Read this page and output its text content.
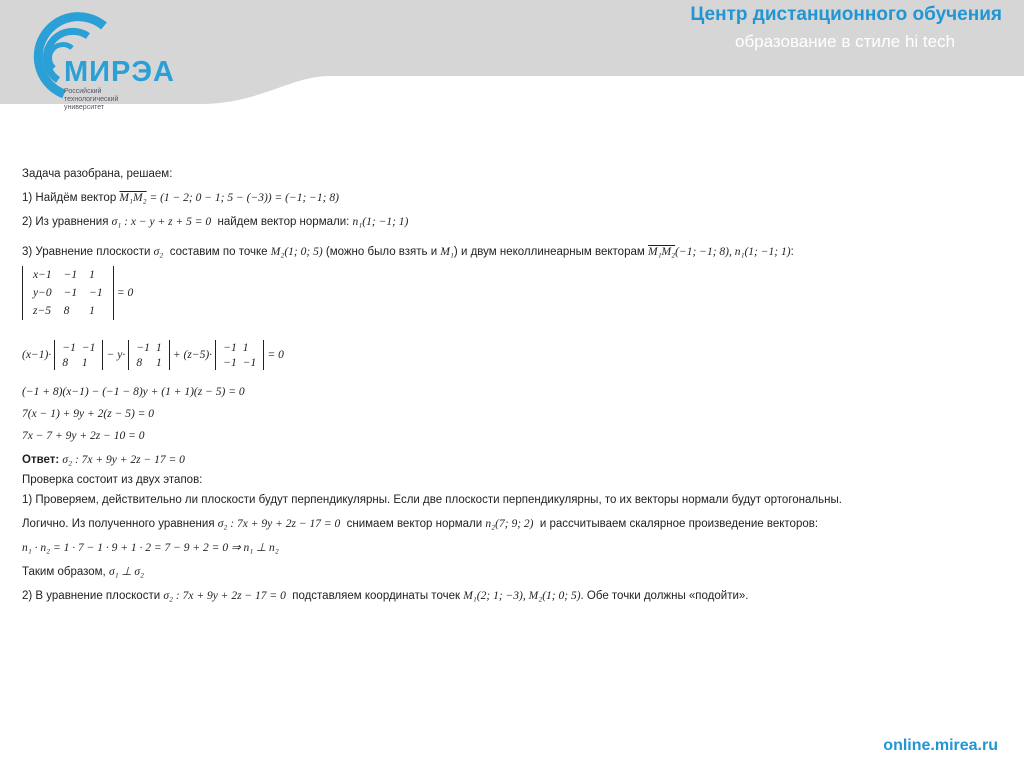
МИРЭА
Российский технологический университет
Центр дистанционного обучения
образование в стиле hi tech
Задача разобрана, решаем:
1) Найдём вектор M₁M₂ = (1 − 2; 0 − 1; 5 − (−3)) = (−1; −1; 8)
2) Из уравнения σ₁ : x − y + z + 5 = 0 найдем вектор нормали: n₁(1; −1; 1)
3) Уравнение плоскости σ₂ составим по точке M₂(1; 0; 5) (можно было взять и M₁) и двум неколлинеарным векторам M₁M₂(−1; −1; 8), n₁(1; −1; 1):
x−1	−1	1
y−0	−1	−1
z−5	8	1
= 0
(x−1)·
−1	−1
8	1
− y·
−1	1
8	1
+ (z−5)·
−1	1
−1	−1
= 0
(−1 + 8)(x−1) − (−1 − 8)y + (1 + 1)(z − 5) = 0
7(x − 1) + 9y + 2(z − 5) = 0
7x − 7 + 9y + 2z − 10 = 0
Ответ: σ₂ : 7x + 9y + 2z − 17 = 0
Проверка состоит из двух этапов:
1) Проверяем, действительно ли плоскости будут перпендикулярны. Если две плоскости перпендикулярны, то их векторы нормали будут ортогональны.
Логично. Из полученного уравнения σ₂ : 7x + 9y + 2z − 17 = 0 снимаем вектор нормали n₂(7; 9; 2) и рассчитываем скалярное произведение векторов:
n₁ · n₂ = 1 · 7 − 1 · 9 + 1 · 2 = 7 − 9 + 2 = 0 ⇒ n₁ ⊥ n₂
Таким образом, σ₁ ⊥ σ₂
2) В уравнение плоскости σ₂ : 7x + 9y + 2z − 17 = 0 подставляем координаты точек M₁(2; 1; −3), M₂(1; 0; 5). Обе точки должны «подойти».
online.mirea.ru
